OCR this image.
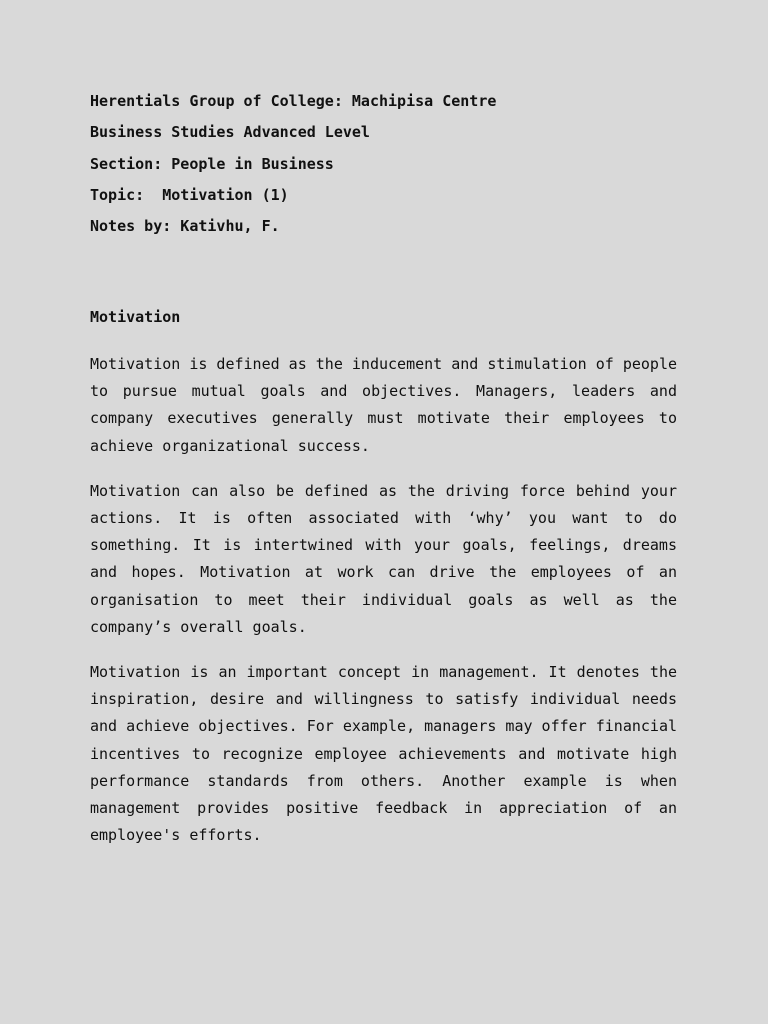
Herentials Group of College: Machipisa Centre
Business Studies Advanced Level
Section: People in Business
Topic:  Motivation (1)
Notes by: Kativhu, F.
Motivation

Motivation is defined as the inducement and stimulation of people to pursue mutual goals and objectives. Managers, leaders and company executives generally must motivate their employees to achieve organizational success.

Motivation can also be defined as the driving force behind your actions. It is often associated with ‘why’ you want to do something. It is intertwined with your goals, feelings, dreams and hopes. Motivation at work can drive the employees of an organisation to meet their individual goals as well as the company’s overall goals.

Motivation is an important concept in management. It denotes the inspiration, desire and willingness to satisfy individual needs and achieve objectives. For example, managers may offer financial incentives to recognize employee achievements and motivate high performance standards from others. Another example is when management provides positive feedback in appreciation of an employee's efforts.
